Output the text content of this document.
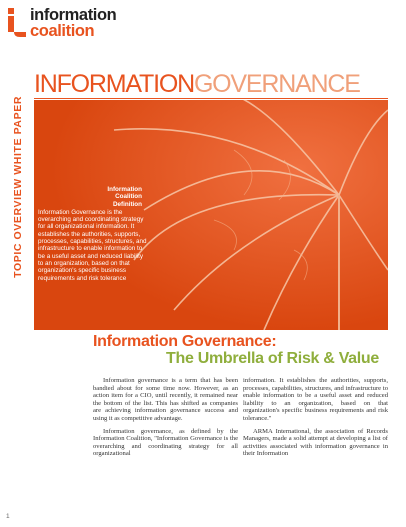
information
coalition
INFORMATIONGOVERNANCE
TOPIC OVERVIEW WHITE PAPER	Information
Coalition
Definition
Information Governance is the overarching and coordinating strategy for all organizational information. It establishes the authorities, supports, processes, capabilities, structures, and infrastructure to enable information to be a useful asset and reduced liability to an organization, based on that organization's specific business requirements and risk tolerance
Information Governance:
The Umbrella of Risk & Value

Information governance is a term that has been bandied about for some time now. However, as an action item for a CIO, until recently, it remained near the bottom of the list. This has shifted as companies are achieving information governance success and using it as competitive advantage.

Information governance, as defined by the Information Coalition, "Information Governance is the overarching and coordinating strategy for all organizational

information. It establishes the authorities, supports, processes, capabilities, structures, and infrastructure to enable information to be a useful asset and reduced liability to an organization, based on that organization's specific business requirements and risk tolerance."

ARMA International, the association of Records Managers, made a solid attempt at developing a list of activities associated with information governance in their Information

1
